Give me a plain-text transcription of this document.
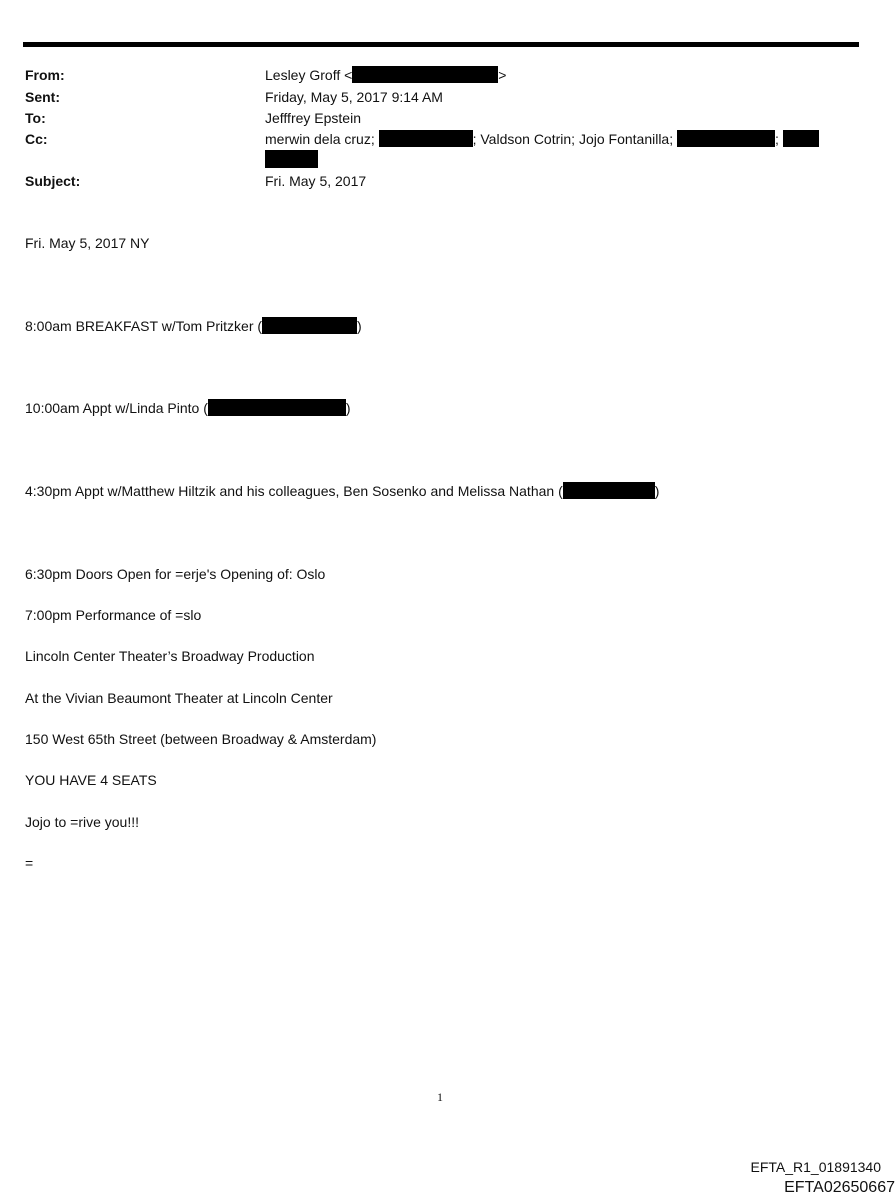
From:	Lesley Groff <	>
Sent:	Friday, May 5, 2017 9:14 AM
To:	Jefffrey Epstein
Cc:	merwin dela cruz;	; Valdson Cotrin; Jojo Fontanilla;	;
Subject:	Fri. May 5, 2017
Fri. May 5, 2017 NY
8:00am BREAKFAST w/Tom Pritzker (	)
10:00am Appt w/Linda Pinto (	)
4:30pm Appt w/Matthew Hiltzik and his colleagues, Ben Sosenko and Melissa Nathan (	)
6:30pm Doors Open for =erje's Opening of: Oslo
7:00pm Performance of =slo
Lincoln Center Theater’s Broadway Production
At the Vivian Beaumont Theater at Lincoln Center
150 West 65th Street (between Broadway & Amsterdam)
YOU HAVE 4 SEATS
Jojo to =rive you!!!
=
1
EFTA_R1_01891340
EFTA02650667
